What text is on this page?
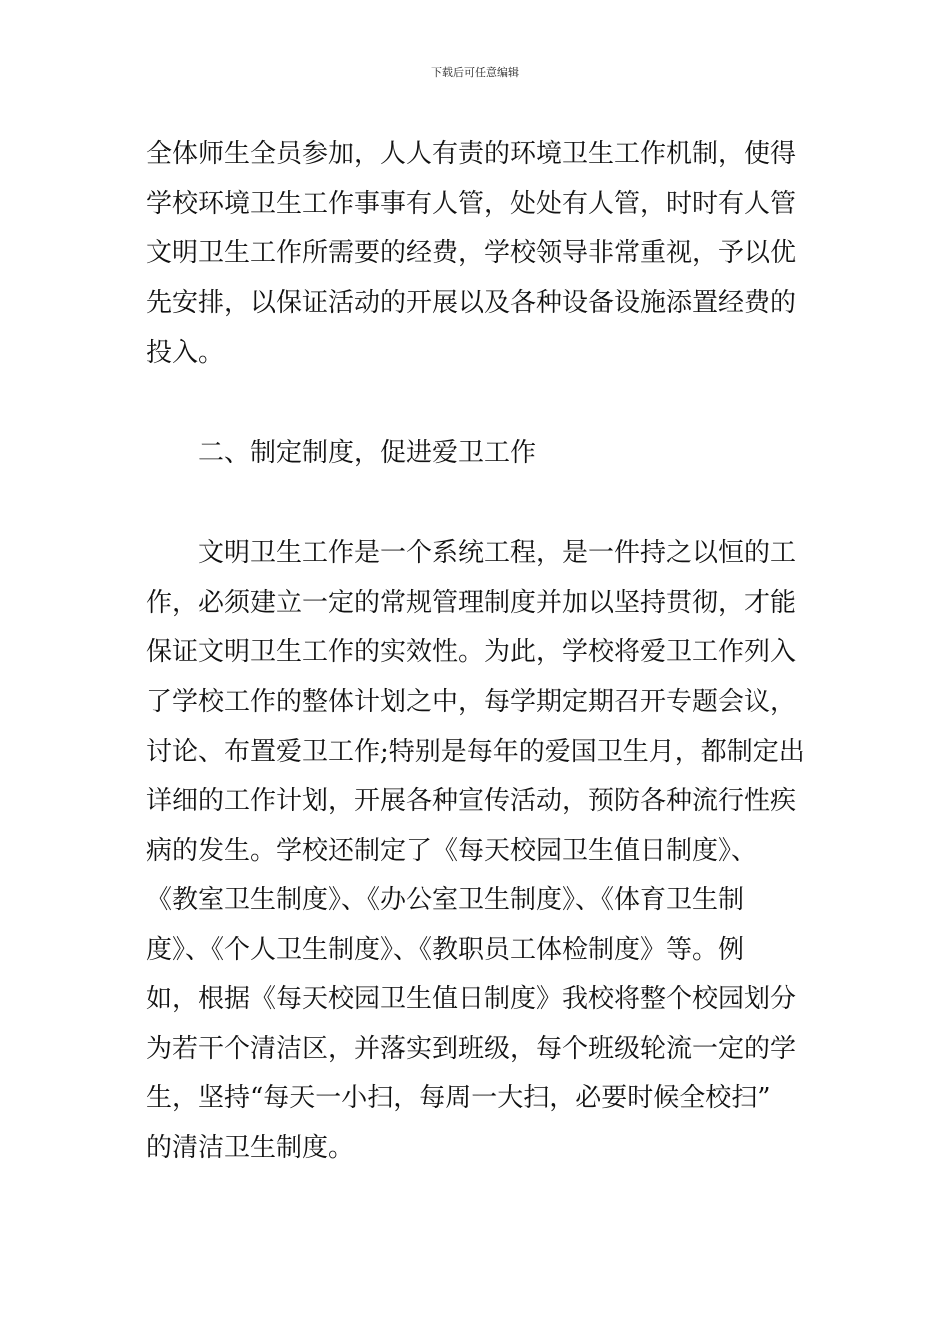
下载后可任意编辑
全体师生全员参加，人人有责的环境卫生工作机制，使得
学校环境卫生工作事事有人管，处处有人管，时时有人管
文明卫生工作所需要的经费，学校领导非常重视，予以优
先安排，以保证活动的开展以及各种设备设施添置经费的
投入。
二、制定制度，促进爱卫工作
文明卫生工作是一个系统工程，是一件持之以恒的工
作，必须建立一定的常规管理制度并加以坚持贯彻，才能
保证文明卫生工作的实效性。为此，学校将爱卫工作列入
了学校工作的整体计划之中，每学期定期召开专题会议，
讨论、布置爱卫工作;特别是每年的爱国卫生月，都制定出
详细的工作计划，开展各种宣传活动，预防各种流行性疾
病的发生。学校还制定了《每天校园卫生值日制度》、
《教室卫生制度》、《办公室卫生制度》、《体育卫生制
度》、《个人卫生制度》、《教职员工体检制度》等。例
如，根据《每天校园卫生值日制度》我校将整个校园划分
为若干个清洁区，并落实到班级，每个班级轮流一定的学
生，坚持“每天一小扫，每周一大扫，必要时候全校扫”
的清洁卫生制度。
